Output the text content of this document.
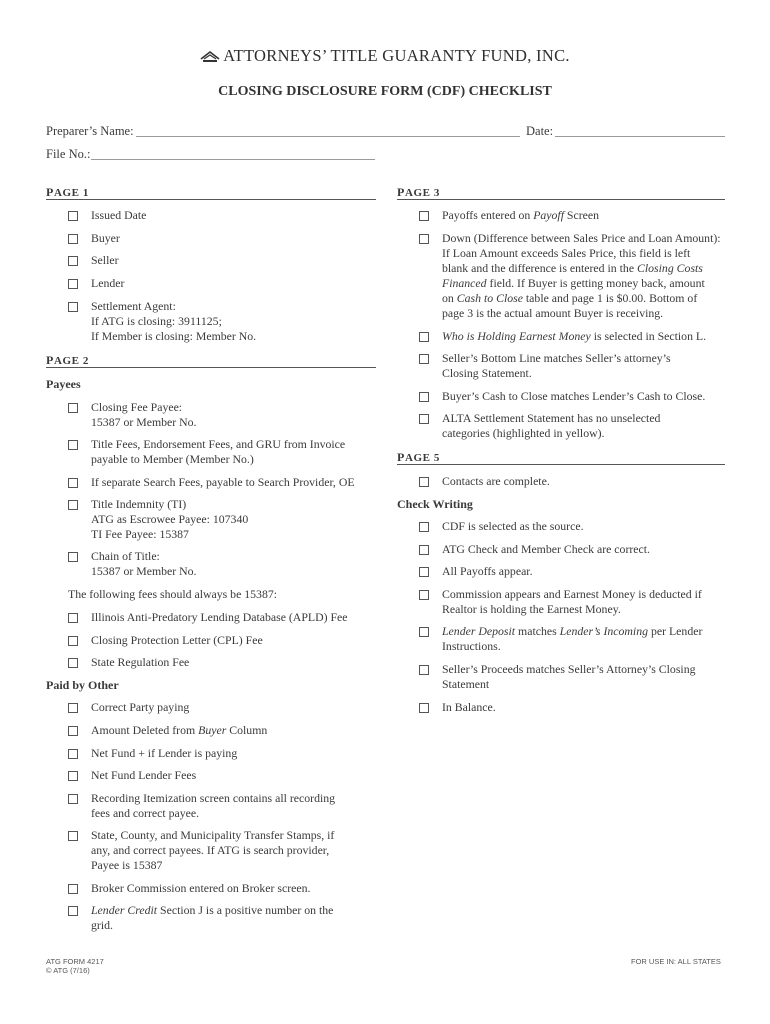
ATTORNEYS’ TITLE GUARANTY FUND, INC.
CLOSING DISCLOSURE FORM (CDF) CHECKLIST
Preparer’s Name:	Date:
File No.:
PAGE 1
Issued Date
Buyer
Seller
Lender
Settlement Agent:
If ATG is closing: 3911125;
If Member is closing: Member No.
PAGE 2
Payees
Closing Fee Payee:
15387 or Member No.
Title Fees, Endorsement Fees, and GRU from Invoice
payable to Member (Member No.)
If separate Search Fees, payable to Search Provider, OE
Title Indemnity (TI)
ATG as Escrowee Payee: 107340
TI Fee Payee: 15387
Chain of Title:
15387 or Member No.
The following fees should always be 15387:
Illinois Anti-Predatory Lending Database (APLD) Fee
Closing Protection Letter (CPL) Fee
State Regulation Fee
Paid by Other
Correct Party paying
Amount Deleted from Buyer Column
Net Fund + if Lender is paying
Net Fund Lender Fees
Recording Itemization screen contains all recording
fees and correct payee.
State, County, and Municipality Transfer Stamps, if
any, and correct payees. If ATG is search provider,
Payee is 15387
Broker Commission entered on Broker screen.
Lender Credit Section J is a positive number on the
grid.
PAGE 3
Payoffs entered on Payoff Screen
Down (Difference between Sales Price and Loan Amount):
If Loan Amount exceeds Sales Price, this field is left
blank and the difference is entered in the Closing Costs
Financed field. If Buyer is getting money back, amount
on Cash to Close table and page 1 is $0.00. Bottom of
page 3 is the actual amount Buyer is receiving.
Who is Holding Earnest Money is selected in Section L.
Seller’s Bottom Line matches Seller’s attorney’s
Closing Statement.
Buyer’s Cash to Close matches Lender’s Cash to Close.
ALTA Settlement Statement has no unselected
categories (highlighted in yellow).
PAGE 5
Contacts are complete.
Check Writing
CDF is selected as the source.
ATG Check and Member Check are correct.
All Payoffs appear.
Commission appears and Earnest Money is deducted if
Realtor is holding the Earnest Money.
Lender Deposit matches Lender’s Incoming per Lender
Instructions.
Seller’s Proceeds matches Seller’s Attorney’s Closing
Statement
In Balance.
ATG FORM 4217
© ATG (7/16)
FOR USE IN: ALL STATES
